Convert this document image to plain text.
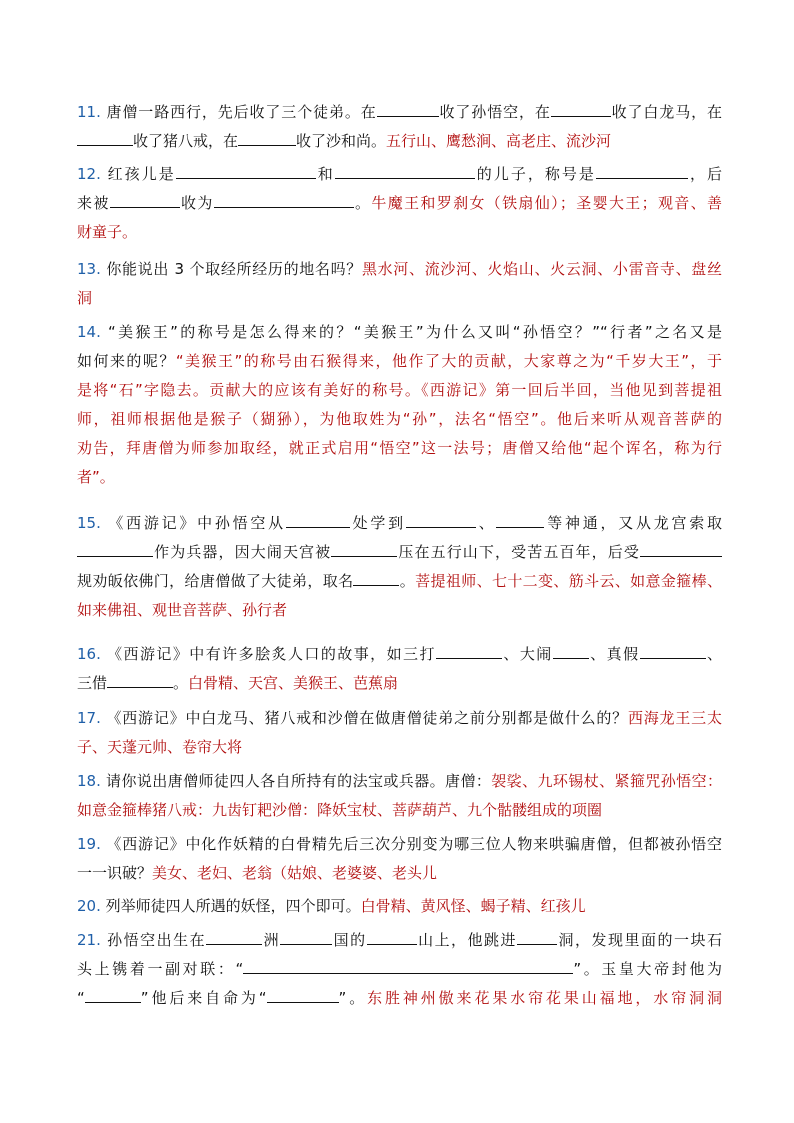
11. 唐僧一路西行，先后收了三个徒弟。在	收了孙悟空，在	收了白龙马，在
收了猪八戒，在	收了沙和尚。五行山、鹰愁涧、高老庄、流沙河
12. 红孩儿是	和	的儿子，称号是	，后
来被	收为	。牛魔王和罗刹女（铁扇仙）；圣婴大王；观音、善
财童子。
13. 你能说出 3 个取经所经历的地名吗？黑水河、流沙河、火焰山、火云洞、小雷音寺、盘丝
洞
14. “美猴王”的称号是怎么得来的？“美猴王”为什么又叫“孙悟空？”“行者”之名又是
如何来的呢？“美猴王”的称号由石猴得来，他作了大的贡献，大家尊之为“千岁大王”，于
是将“石”字隐去。贡献大的应该有美好的称号。《西游记》第一回后半回，当他见到菩提祖
师，祖师根据他是猴子（猢狲），为他取姓为“孙”，法名“悟空”。他后来听从观音菩萨的
劝告，拜唐僧为师参加取经，就正式启用“悟空”这一法号；唐僧又给他“起个诨名，称为行
者”。
15. 《西游记》中孙悟空从	处学到	、	等神通，又从龙宫索取
作为兵器，因大闹天宫被	压在五行山下，受苦五百年，后受
规劝皈依佛门，给唐僧做了大徒弟，取名	。菩提祖师、七十二变、筋斗云、如意金箍棒、
如来佛祖、观世音菩萨、孙行者
16. 《西游记》中有许多脍炙人口的故事，如三打	、大闹 、真假	、
三借	。白骨精、天宫、美猴王、芭蕉扇
17. 《西游记》中白龙马、猪八戒和沙僧在做唐僧徒弟之前分别都是做什么的？西海龙王三太
子、天蓬元帅、卷帘大将
18. 请你说出唐僧师徒四人各自所持有的法宝或兵器。唐僧：袈裟、九环锡杖、紧箍咒孙悟空：
如意金箍棒猪八戒：九齿钉耙沙僧：降妖宝杖、菩萨葫芦、九个骷髅组成的项圈
19. 《西游记》中化作妖精的白骨精先后三次分别变为哪三位人物来哄骗唐僧，但都被孙悟空
一一识破？美女、老妇、老翁（姑娘、老婆婆、老头儿
20. 列举师徒四人所遇的妖怪，四个即可。白骨精、黄风怪、蝎子精、红孩儿
21. 孙悟空出生在	洲	国的	山上，他跳进	洞，发现里面的一块石
头上镌着一副对联：“	”。玉皇大帝封他为
“	”他后来自命为“	”。东胜神州傲来花果水帘花果山福地，水帘洞洞
